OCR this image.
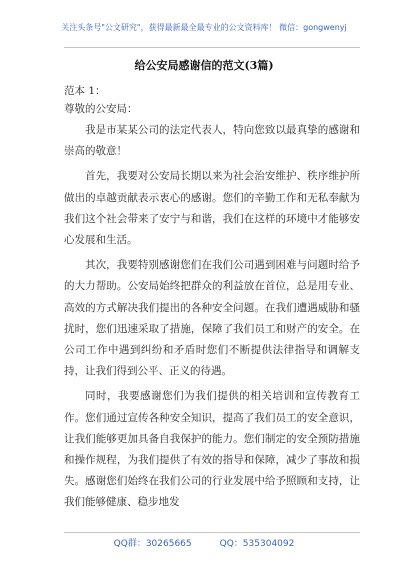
关注头条号"公文研究"，获得最新最全最专业的公文资料库！ 微信：gongwenyj
给公安局感谢信的范文(3篇)
范本 1：
尊敬的公安局：

我是市某某公司的法定代表人，特向您致以最真挚的感谢和崇高的敬意！

首先，我要对公安局长期以来为社会治安维护、秩序维护所做出的卓越贡献表示衷心的感谢。您们的辛勤工作和无私奉献为我们这个社会带来了安宁与和谐，我们在这样的环境中才能够安心发展和生活。

其次，我要特别感谢您们在我们公司遇到困难与问题时给予的大力帮助。公安局始终把群众的利益放在首位，总是用专业、高效的方式解决我们提出的各种安全问题。在我们遭遇威胁和骚扰时，您们迅速采取了措施，保障了我们员工和财产的安全。在公司工作中遇到纠纷和矛盾时您们不断提供法律指导和调解支持，让我们得到公平、正义的待遇。

同时，我要感谢您们为我们提供的相关培训和宣传教育工作。您们通过宣传各种安全知识，提高了我们员工的安全意识，让我们能够更加具备自我保护的能力。您们制定的安全预防措施和操作规程，为我们提供了有效的指导和保障，减少了事故和损失。感谢您们始终在我们公司的行业发展中给予照顾和支持，让我们能够健康、稳步地发

QQ群：30265665	QQ：535304092
